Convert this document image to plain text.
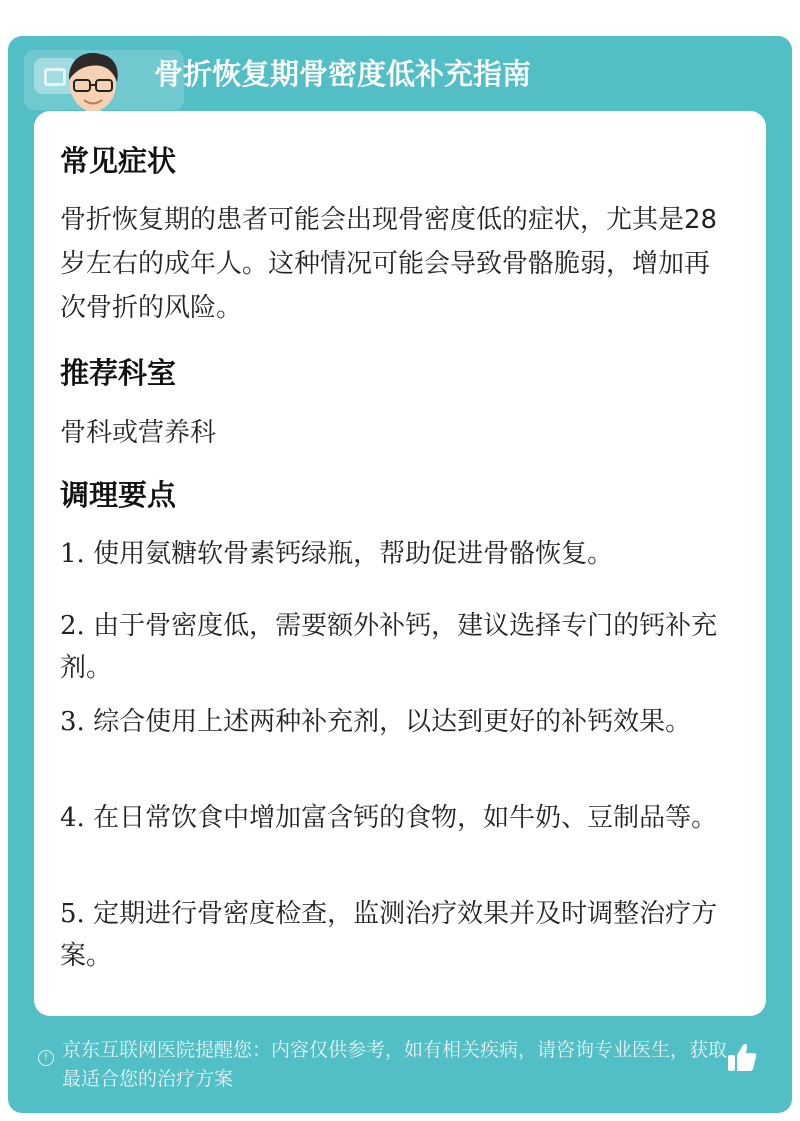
骨折恢复期骨密度低补充指南
常见症状
骨折恢复期的患者可能会出现骨密度低的症状，尤其是28岁左右的成年人。这种情况可能会导致骨骼脆弱，增加再次骨折的风险。
推荐科室
骨科或营养科
调理要点
1. 使用氨糖软骨素钙绿瓶，帮助促进骨骼恢复。
2. 由于骨密度低，需要额外补钙，建议选择专门的钙补充剂。
3. 综合使用上述两种补充剂，以达到更好的补钙效果。
4. 在日常饮食中增加富含钙的食物，如牛奶、豆制品等。
5. 定期进行骨密度检查，监测治疗效果并及时调整治疗方案。
! 京东互联网医院提醒您：内容仅供参考，如有相关疾病，请咨询专业医生，获取最适合您的治疗方案
